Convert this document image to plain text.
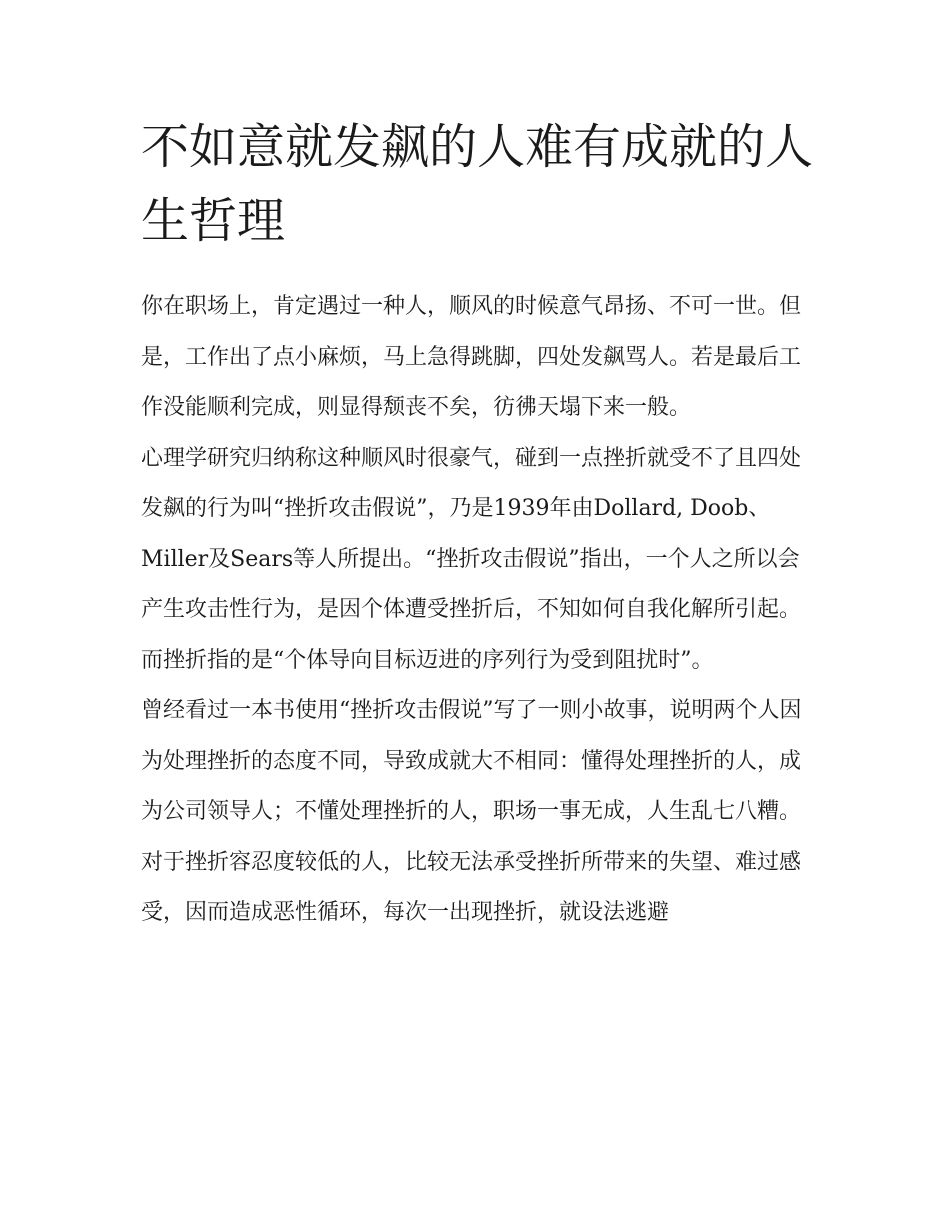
不如意就发飙的人难有成就的人生哲理

你在职场上，肯定遇过一种人，顺风的时候意气昂扬、不可一世。但是，工作出了点小麻烦，马上急得跳脚，四处发飙骂人。若是最后工作没能顺利完成，则显得颓丧不矣，彷彿天塌下来一般。

心理学研究归纳称这种顺风时很豪气，碰到一点挫折就受不了且四处发飙的行为叫“挫折攻击假说”，乃是1939年由Dollard, Doob、Miller及Sears等人所提出。“挫折攻击假说”指出，一个人之所以会产生攻击性行为，是因个体遭受挫折后，不知如何自我化解所引起。而挫折指的是“个体导向目标迈进的序列行为受到阻扰时”。

曾经看过一本书使用“挫折攻击假说”写了一则小故事，说明两个人因为处理挫折的态度不同，导致成就大不相同：懂得处理挫折的人，成为公司领导人；不懂处理挫折的人，职场一事无成，人生乱七八糟。

对于挫折容忍度较低的人，比较无法承受挫折所带来的失望、难过感受，因而造成恶性循环，每次一出现挫折，就设法逃避
